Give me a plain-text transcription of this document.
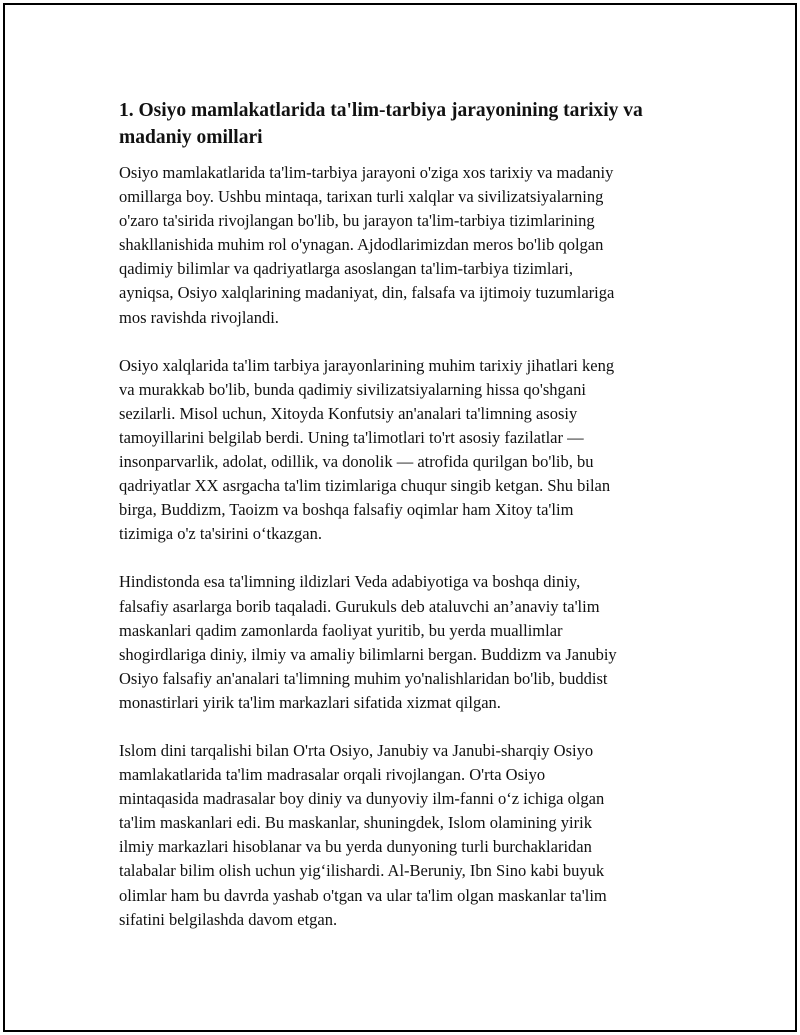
1. Osiyo mamlakatlarida ta'lim-tarbiya jarayonining tarixiy va
madaniy omillari

Osiyo mamlakatlarida ta'lim-tarbiya jarayoni o'ziga xos tarixiy va madaniy
omillarga boy. Ushbu mintaqa, tarixan turli xalqlar va sivilizatsiyalarning
o'zaro ta'sirida rivojlangan bo'lib, bu jarayon ta'lim-tarbiya tizimlarining
shakllanishida muhim rol o'ynagan. Ajdodlarimizdan meros bo'lib qolgan
qadimiy bilimlar va qadriyatlarga asoslangan ta'lim-tarbiya tizimlari,
ayniqsa, Osiyo xalqlarining madaniyat, din, falsafa va ijtimoiy tuzumlariga
mos ravishda rivojlandi.

Osiyo xalqlarida ta'lim tarbiya jarayonlarining muhim tarixiy jihatlari keng
va murakkab bo'lib, bunda qadimiy sivilizatsiyalarning hissa qo'shgani
sezilarli. Misol uchun, Xitoyda Konfutsiy an'analari ta'limning asosiy
tamoyillarini belgilab berdi. Uning ta'limotlari to'rt asosiy fazilatlar —
insonparvarlik, adolat, odillik, va donolik — atrofida qurilgan bo'lib, bu
qadriyatlar XX asrgacha ta'lim tizimlariga chuqur singib ketgan. Shu bilan
birga, Buddizm, Taoizm va boshqa falsafiy oqimlar ham Xitoy ta'lim
tizimiga o'z ta'sirini o‘tkazgan.

Hindistonda esa ta'limning ildizlari Veda adabiyotiga va boshqa diniy,
falsafiy asarlarga borib taqaladi. Gurukuls deb ataluvchi an’anaviy ta'lim
maskanlari qadim zamonlarda faoliyat yuritib, bu yerda muallimlar
shogirdlariga diniy, ilmiy va amaliy bilimlarni bergan. Buddizm va Janubiy
Osiyo falsafiy an'analari ta'limning muhim yo'nalishlaridan bo'lib, buddist
monastirlari yirik ta'lim markazlari sifatida xizmat qilgan.

Islom dini tarqalishi bilan O'rta Osiyo, Janubiy va Janubi-sharqiy Osiyo
mamlakatlarida ta'lim madrasalar orqali rivojlangan. O'rta Osiyo
mintaqasida madrasalar boy diniy va dunyoviy ilm-fanni o‘z ichiga olgan
ta'lim maskanlari edi. Bu maskanlar, shuningdek, Islom olamining yirik
ilmiy markazlari hisoblanar va bu yerda dunyoning turli burchaklaridan
talabalar bilim olish uchun yig‘ilishardi. Al-Beruniy, Ibn Sino kabi buyuk
olimlar ham bu davrda yashab o'tgan va ular ta'lim olgan maskanlar ta'lim
sifatini belgilashda davom etgan.
